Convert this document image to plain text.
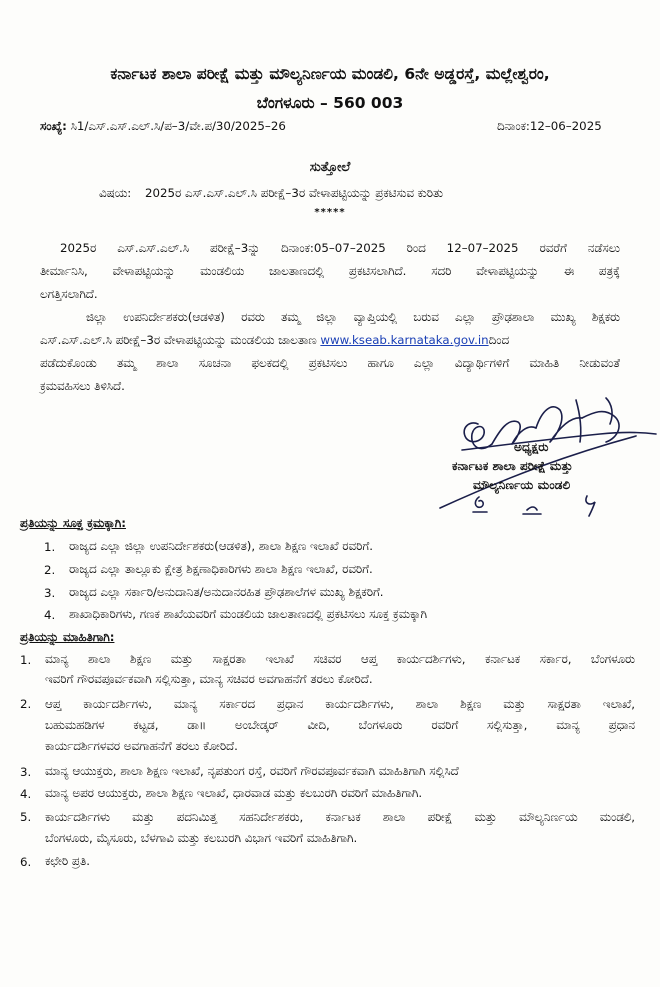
ಕರ್ನಾಟಕ ಶಾಲಾ ಪರೀಕ್ಷೆ ಮತ್ತು ಮೌಲ್ಯನಿರ್ಣಯ ಮಂಡಲಿ, 6ನೇ ಅಡ್ಡರಸ್ತೆ, ಮಲ್ಲೇಶ್ವರಂ,
ಬೆಂಗಳೂರು – 560 003
ಸಂಖ್ಯೆ: ಸಿ1/ಎಸ್.ಎಸ್.ಎಲ್.ಸಿ/ಪ–3/ವೇ.ಪ/30/2025–26	ದಿನಾಂಕ:12–06–2025
ಸುತ್ತೋಲೆ
ವಿಷಯ: 2025ರ ಎಸ್.ಎಸ್.ಎಲ್.ಸಿ ಪರೀಕ್ಷೆ–3ರ ವೇಳಾಪಟ್ಟಿಯನ್ನು ಪ್ರಕಟಿಸುವ ಕುರಿತು
*****
2025ರ ಎಸ್.ಎಸ್.ಎಲ್.ಸಿ ಪರೀಕ್ಷೆ–3ನ್ನು ದಿನಾಂಕ:05–07–2025 ರಿಂದ 12–07–2025 ರವರೆಗೆ ನಡೆಸಲು
ತೀರ್ಮಾನಿಸಿ, ವೇಳಾಪಟ್ಟಿಯನ್ನು ಮಂಡಲಿಯ ಜಾಲತಾಣದಲ್ಲಿ ಪ್ರಕಟಿಸಲಾಗಿದೆ. ಸದರಿ ವೇಳಾಪಟ್ಟಿಯನ್ನು ಈ ಪತ್ರಕ್ಕೆ
ಲಗತ್ತಿಸಲಾಗಿದೆ.
ಜಿಲ್ಲಾ ಉಪನಿರ್ದೇಶಕರು(ಆಡಳಿತ) ರವರು ತಮ್ಮ ಜಿಲ್ಲಾ ವ್ಯಾಪ್ತಿಯಲ್ಲಿ ಬರುವ ಎಲ್ಲಾ ಪ್ರೌಢಶಾಲಾ ಮುಖ್ಯ ಶಿಕ್ಷಕರು
ಎಸ್.ಎಸ್.ಎಲ್.ಸಿ ಪರೀಕ್ಷೆ–3ರ ವೇಳಾಪಟ್ಟಿಯನ್ನು ಮಂಡಲಿಯ ಜಾಲತಾಣ www.kseab.karnataka.gov.inದಿಂದ
ಪಡೆದುಕೊಂಡು ತಮ್ಮ ಶಾಲಾ ಸೂಚನಾ ಫಲಕದಲ್ಲಿ ಪ್ರಕಟಿಸಲು ಹಾಗೂ ಎಲ್ಲಾ ವಿದ್ಯಾರ್ಥಿಗಳಿಗೆ ಮಾಹಿತಿ ನೀಡುವಂತೆ
ಕ್ರಮವಹಿಸಲು ತಿಳಿಸಿದೆ.
ಅಧ್ಯಕ್ಷರು
ಕರ್ನಾಟಕ ಶಾಲಾ ಪರೀಕ್ಷೆ ಮತ್ತು
ಮೌಲ್ಯನಿರ್ಣಯ ಮಂಡಲಿ
ಪ್ರತಿಯನ್ನು ಸೂಕ್ತ ಕ್ರಮಕ್ಕಾಗಿ:
1. ರಾಜ್ಯದ ಎಲ್ಲಾ ಜಿಲ್ಲಾ ಉಪನಿರ್ದೇಶಕರು(ಆಡಳಿತ), ಶಾಲಾ ಶಿಕ್ಷಣ ಇಲಾಖೆ ರವರಿಗೆ.
2. ರಾಜ್ಯದ ಎಲ್ಲಾ ತಾಲ್ಲೂಕು ಕ್ಷೇತ್ರ ಶಿಕ್ಷಣಾಧಿಕಾರಿಗಳು ಶಾಲಾ ಶಿಕ್ಷಣ ಇಲಾಖೆ, ರವರಿಗೆ.
3. ರಾಜ್ಯದ ಎಲ್ಲಾ ಸರ್ಕಾರಿ/ಅನುದಾನಿತ/ಅನುದಾನರಹಿತ ಪ್ರೌಢಶಾಲೆಗಳ ಮುಖ್ಯ ಶಿಕ್ಷಕರಿಗೆ.
4. ಶಾಖಾಧಿಕಾರಿಗಳು, ಗಣಕ ಶಾಖೆಯವರಿಗೆ ಮಂಡಲಿಯ ಜಾಲತಾಣದಲ್ಲಿ ಪ್ರಕಟಿಸಲು ಸೂಕ್ತ ಕ್ರಮಕ್ಕಾಗಿ
ಪ್ರತಿಯನ್ನು ಮಾಹಿತಿಗಾಗಿ:
1. ಮಾನ್ಯ ಶಾಲಾ ಶಿಕ್ಷಣ ಮತ್ತು ಸಾಕ್ಷರತಾ ಇಲಾಖೆ ಸಚಿವರ ಆಪ್ತ ಕಾರ್ಯದರ್ಶಿಗಳು, ಕರ್ನಾಟಕ ಸರ್ಕಾರ, ಬೆಂಗಳೂರು
ಇವರಿಗೆ ಗೌರವಪೂರ್ವಕವಾಗಿ ಸಲ್ಲಿಸುತ್ತಾ, ಮಾನ್ಯ ಸಚಿವರ ಅವಗಾಹನೆಗೆ ತರಲು ಕೋರಿದೆ.
2. ಆಪ್ತ ಕಾರ್ಯದರ್ಶಿಗಳು, ಮಾನ್ಯ ಸರ್ಕಾರದ ಪ್ರಧಾನ ಕಾರ್ಯದರ್ಶಿಗಳು, ಶಾಲಾ ಶಿಕ್ಷಣ ಮತ್ತು ಸಾಕ್ಷರತಾ ಇಲಾಖೆ,
ಬಹುಮಹಡಿಗಳ ಕಟ್ಟಡ, ಡಾ॥ ಅಂಬೇಡ್ಕರ್ ವೀದಿ, ಬೆಂಗಳೂರು ರವರಿಗೆ ಸಲ್ಲಿಸುತ್ತಾ, ಮಾನ್ಯ ಪ್ರಧಾನ
ಕಾರ್ಯದರ್ಶಿಗಳವರ ಅವಗಾಹನೆಗೆ ತರಲು ಕೋರಿದೆ.
3. ಮಾನ್ಯ ಆಯುಕ್ತರು, ಶಾಲಾ ಶಿಕ್ಷಣ ಇಲಾಖೆ, ನೃಪತುಂಗ ರಸ್ತೆ, ರವರಿಗೆ ಗೌರವಪೂರ್ವಕವಾಗಿ ಮಾಹಿತಿಗಾಗಿ ಸಲ್ಲಿಸಿದೆ
4. ಮಾನ್ಯ ಅಪರ ಆಯುಕ್ತರು, ಶಾಲಾ ಶಿಕ್ಷಣ ಇಲಾಖೆ, ಧಾರವಾಡ ಮತ್ತು ಕಲಬುರಗಿ ರವರಿಗೆ ಮಾಹಿತಿಗಾಗಿ.
5. ಕಾರ್ಯದರ್ಶಿಗಳು ಮತ್ತು ಪದನಿಮಿತ್ತ ಸಹನಿರ್ದೇಶಕರು, ಕರ್ನಾಟಕ ಶಾಲಾ ಪರೀಕ್ಷೆ ಮತ್ತು ಮೌಲ್ಯನಿರ್ಣಯ ಮಂಡಲಿ,
ಬೆಂಗಳೂರು, ಮೈಸೂರು, ಬೆಳಗಾವಿ ಮತ್ತು ಕಲಬುರಗಿ ವಿಭಾಗ ಇವರಿಗೆ ಮಾಹಿತಿಗಾಗಿ.
6. ಕಛೇರಿ ಪ್ರತಿ.
